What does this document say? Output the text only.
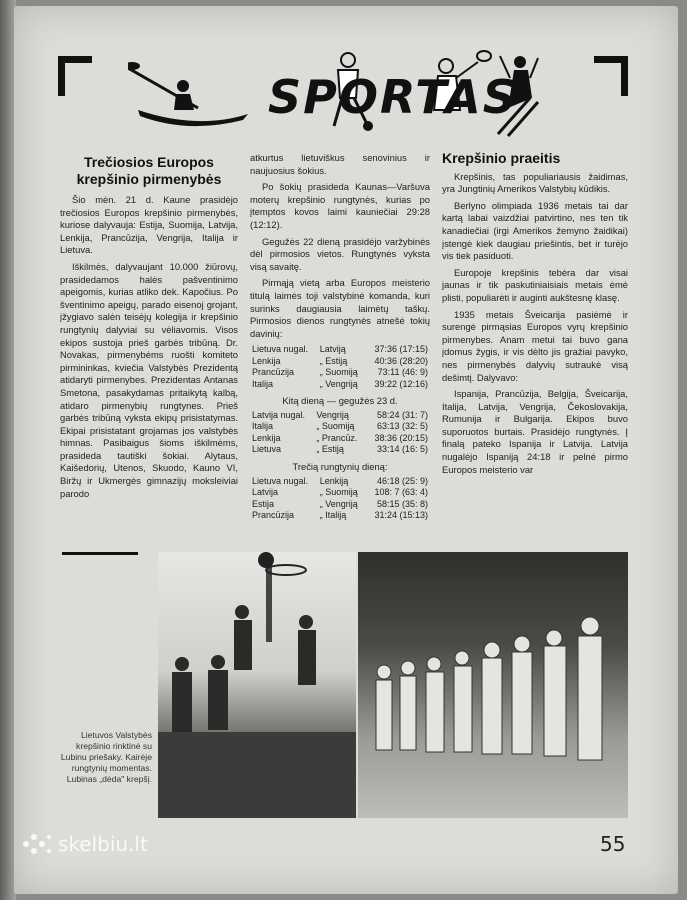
SPORTAS
Trečiosios Europos krepšinio pirmenybės

Šio mėn. 21 d. Kaune prasidėjo trečiosios Europos krepšinio pirmenybės, kuriose dalyvauja: Estija, Suomija, Latvija, Lenkija, Prancūzija, Vengrija, Italija ir Lietuva.

Iškilmės, dalyvaujant 10.000 žiūrovų, prasidedamos halės pašventinimo apeigomis, kurias atliko dek. Kapočius. Po šventinimo apeigų, parado eisenoj grojant, įžygiavo salėn teisėjų kolegija ir krepšinio rungtynių dalyviai su vėliavomis. Visos ekipos sustoja prieš garbės tribūną. Dr. Novakas, pirmenybėms ruošti komiteto pirmininkas, kviečia Valstybės Prezidentą atidaryti pirmenybes. Prezidentas Antanas Smetona, pasakydamas pritaikytą kalbą, atidaro pirmenybių rungtynes. Prieš garbės tribūną vyksta ekipų prisistatymas. Ekipai prisistatant grojamas jos valstybės himnas. Pasibaigus šioms iškilmėms, prasideda tautiški šokiai. Alytaus, Kaišedorių, Utenos, Skuodo, Kauno VI, Biržų ir Ukmergės gimnazijų moksleiviai parodo

atkurtus lietuviškus senovinius ir naujuosius šokius.

Po šokių prasideda Kaunas—Varšuva moterų krepšinio rungtynės, kurias po įtemptos kovos laimi kauniečiai 29:28 (12:12).

Gegužės 22 dieną prasidėjo varžybinės dėl pirmosios vietos. Rungtynės vyksta visą savaitę.

Pirmąją vietą arba Europos meisterio titulą laimės toji valstybinė komanda, kuri surinks daugiausia laimėtų taškų. Pirmosios dienos rungtynės atnešė tokių davinių:

Lietuva nugal.	Latviją	37:36 (17:15)
Lenkija	„ Estiją	40:36 (28:20)
Prancūzija	„ Suomiją	73:11 (46: 9)
Italija	„ Vengriją	39:22 (12:16)

Kitą dieną — gegužės 23 d.

Latvija nugal.	Vengriją	58:24 (31: 7)
Italija	„ Suomiją	63:13 (32: 5)
Lenkija	„ Prancūz.	38:36 (20:15)
Lietuva	„ Estiją	33:14 (16: 5)

Trečią rungtynių dieną:

Lietuva nugal.	Lenkiją	46:18 (25: 9)
Latvija	„ Suomiją	108: 7 (63: 4)
Estija	„ Vengriją	58:15 (35: 8)
Prancūzija	„ Italiją	31:24 (15:13)
Krepšinio praeitis

Krepšinis, tas populiariausis žaidimas, yra Jungtinių Amerikos Valstybių kūdikis.

Berlyno olimpiada 1936 metais tai dar kartą labai vaizdžiai patvirtino, nes ten tik kanadiečiai (irgi Amerikos žemyno žaidikai) įstengė kiek daugiau priešintis, bet ir turėjo vis tiek pasiduoti.

Europoje krepšinis tebėra dar visai jaunas ir tik paskutiniaisiais metais ėmė plisti, populiarėti ir auginti aukštesnę klasę.

1935 metais Šveicarija pasiėmė ir surengė pirmąsias Europos vyrų krepšinio pirmenybes. Anam metui tai buvo gana įdomus žygis, ir vis dėlto jis gražiai pavyko, nes pirmenybės dalyvių sutraukė visą dešimtį. Dalyvavo:

Ispanija, Prancūzija, Belgija, Šveicarija, Italija, Latvija, Vengrija, Čekoslovakija, Rumunija ir Bulgarija. Ekipos buvo suporuotos burtais. Prasidėjo rungtynės. Į finalą pateko Ispanija ir Latvija. Latvija nugalėjo Ispaniją 24:18 ir pelnė pirmo Europos meisterio var

Lietuvos Valstybės krepšinio rinktinė su Lubinu priešaky. Kairėje rungtynių momentas. Lubinas „dėda" krepšį.
55
skelbiu.lt
